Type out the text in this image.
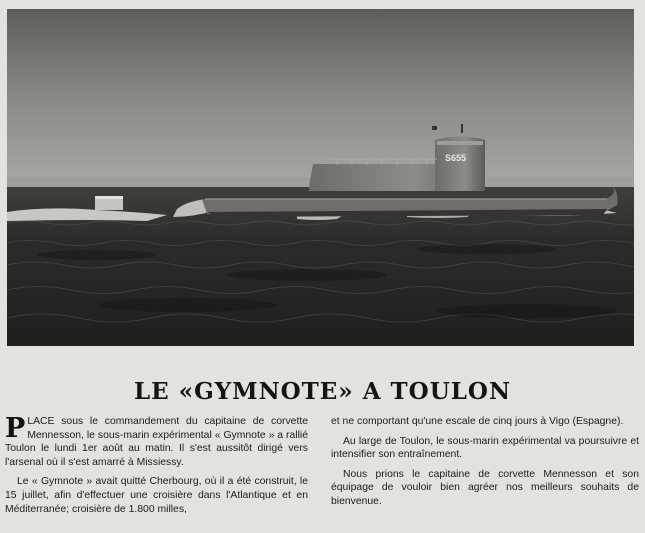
S655
LE «GYMNOTE» A TOULON

PLACE sous le commandement du capitaine de corvette Mennesson, le sous-marin expérimental « Gymnote » a rallié Toulon le lundi 1er août au matin. Il s'est aussitôt dirigé vers l'arsenal où il s'est amarré à Missiessy.

Le « Gymnote » avait quitté Cherbourg, où il a été construit, le 15 juillet, afin d'effectuer une croisière dans l'Atlantique et en Méditerranée; croisière de 1.800 milles,

et ne comportant qu'une escale de cinq jours à Vigo (Espagne).

Au large de Toulon, le sous-marin expérimental va poursuivre et intensifier son entraînement.

Nous prions le capitaine de corvette Mennesson et son équipage de vouloir bien agréer nos meilleurs souhaits de bienvenue.
